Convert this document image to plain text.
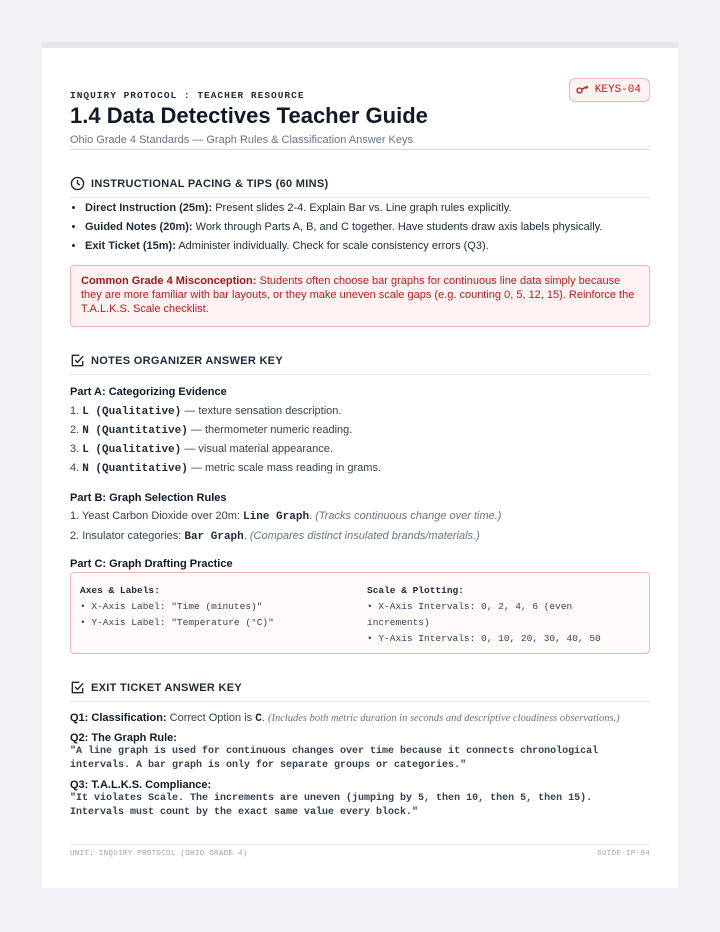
INQUIRY PROTOCOL : TEACHER RESOURCE	KEYS-04
1.4 Data Detectives Teacher Guide
Ohio Grade 4 Standards — Graph Rules & Classification Answer Keys
INSTRUCTIONAL PACING & TIPS (60 MINS)
• Direct Instruction (25m): Present slides 2-4. Explain Bar vs. Line graph rules explicitly.
• Guided Notes (20m): Work through Parts A, B, and C together. Have students draw axis labels physically.
• Exit Ticket (15m): Administer individually. Check for scale consistency errors (Q3).
Common Grade 4 Misconception: Students often choose bar graphs for continuous line data simply because they are more familiar with bar layouts, or they make uneven scale gaps (e.g. counting 0, 5, 12, 15). Reinforce the T.A.L.K.S. Scale checklist.
NOTES ORGANIZER ANSWER KEY
Part A: Categorizing Evidence
1. L (Qualitative) — texture sensation description.
2. N (Quantitative) — thermometer numeric reading.
3. L (Qualitative) — visual material appearance.
4. N (Quantitative) — metric scale mass reading in grams.
Part B: Graph Selection Rules
1. Yeast Carbon Dioxide over 20m: Line Graph. (Tracks continuous change over time.)
2. Insulator categories: Bar Graph. (Compares distinct insulated brands/materials.)
Part C: Graph Drafting Practice
Axes & Labels:
• X-Axis Label: "Time (minutes)"
• Y-Axis Label: "Temperature (°C)"
Scale & Plotting:
• X-Axis Intervals: 0, 2, 4, 6 (even
increments)
• Y-Axis Intervals: 0, 10, 20, 30, 40, 50
EXIT TICKET ANSWER KEY
Q1: Classification: Correct Option is C. (Includes both metric duration in seconds and descriptive cloudiness observations.)
Q2: The Graph Rule:
"A line graph is used for continuous changes over time because it connects chronological intervals. A bar graph is only for separate groups or categories."
Q3: T.A.L.K.S. Compliance:
"It violates Scale. The increments are uneven (jumping by 5, then 10, then 5, then 15). Intervals must count by the exact same value every block."
UNIT: INQUIRY PROTOCOL (OHIO GRADE 4)	GUIDE-IP-04
